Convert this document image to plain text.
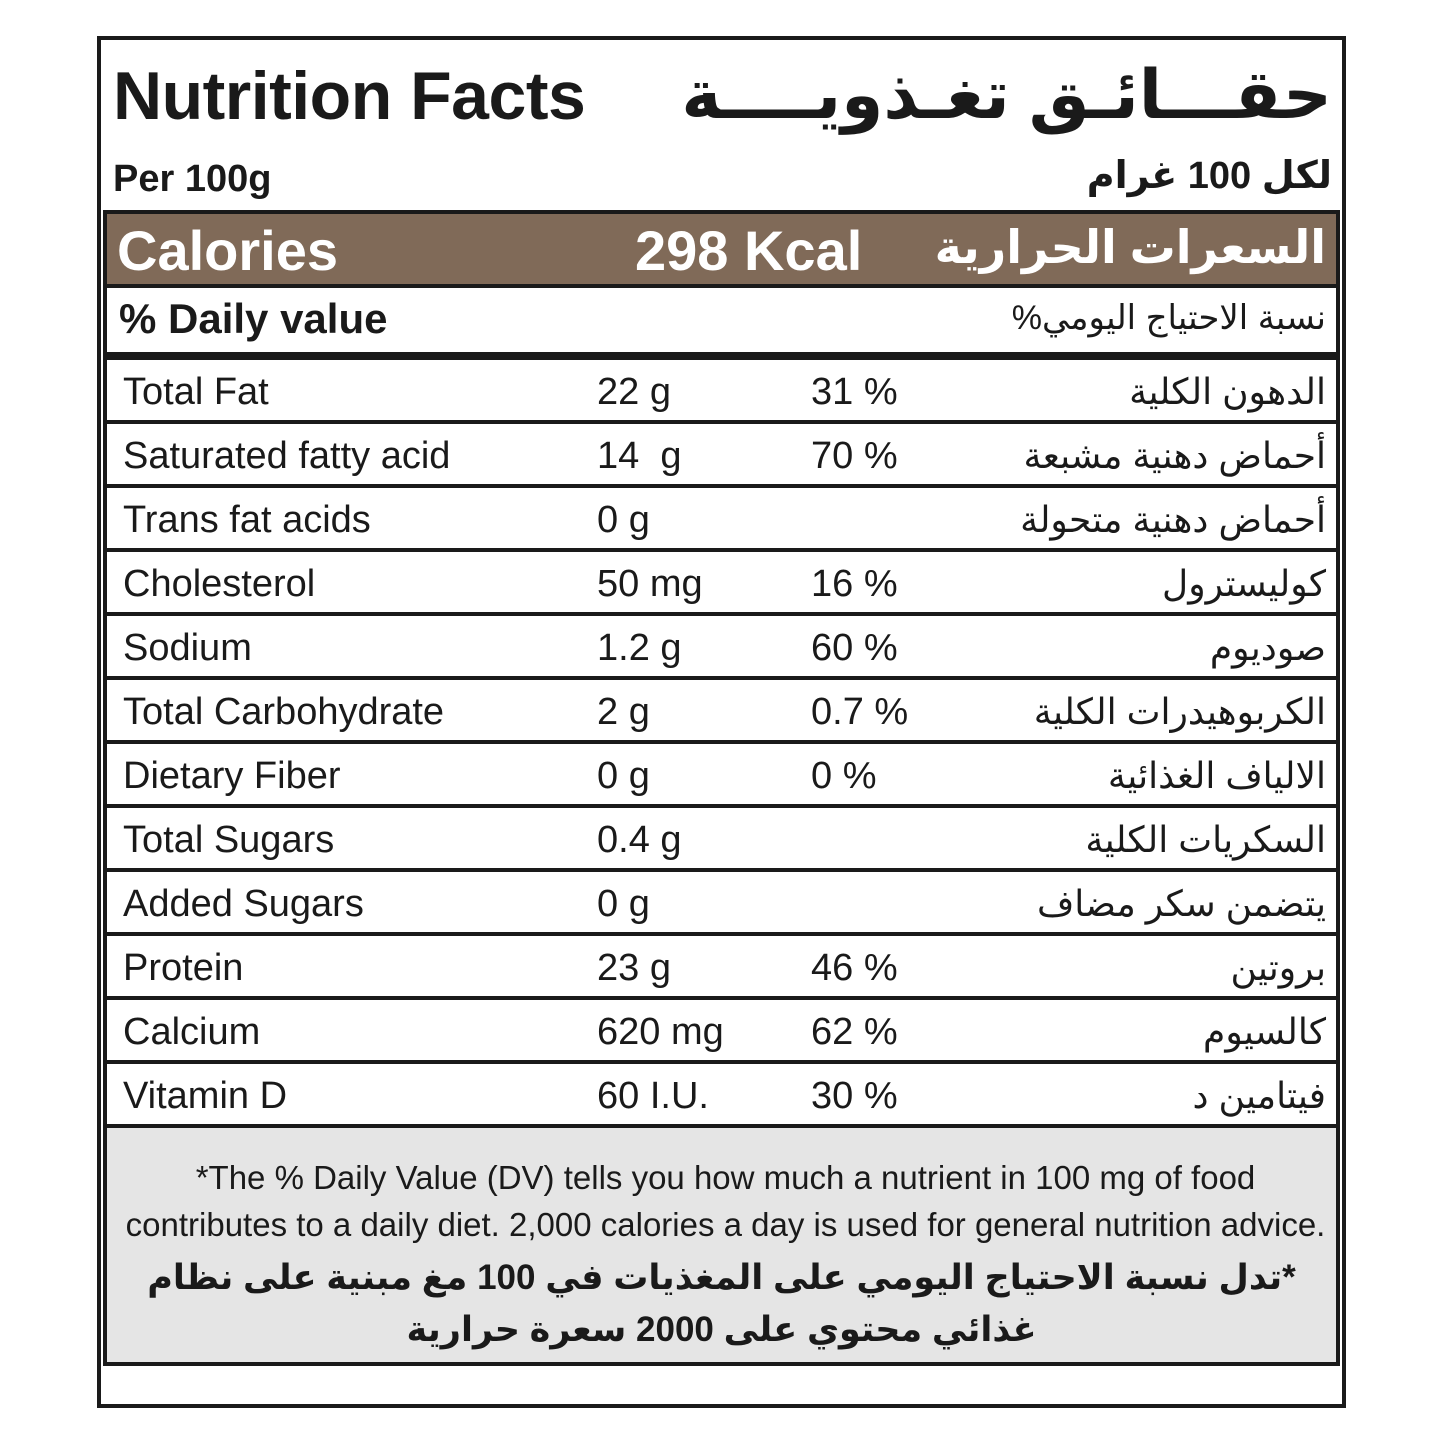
Nutrition Facts حقـــائـق تغـذويــــة
Per 100g	لكل 100 غرام
Calories	298 Kcal السعرات الحرارية
% Daily value	نسبة الاحتياج اليومي%
Total Fat	22 g	31 %	الدهون الكلية
Saturated fatty acid	14  g	70 %	أحماض دهنية مشبعة
Trans fat acids	0 g	أحماض دهنية متحولة
Cholesterol	50 mg	16 %	كوليسترول
Sodium	1.2 g	60 %	صوديوم
Total Carbohydrate	2 g	0.7 %	الكربوهيدرات الكلية
Dietary Fiber	0 g	0 %	الالياف الغذائية
Total Sugars	0.4 g	السكريات الكلية
Added Sugars	0 g	يتضمن سكر مضاف
Protein	23 g	46 %	بروتين
Calcium	620 mg 62 %	كالسيوم
Vitamin D	60 I.U.	30 %	فيتامين د
*The % Daily Value (DV) tells you how much a nutrient in 100 mg of food
contributes to a daily diet. 2,000 calories a day is used for general nutrition advice.
*تدل نسبة الاحتياج اليومي على المغذيات في 100 مغ مبنية على نظام
غذائي محتوي على 2000 سعرة حرارية
